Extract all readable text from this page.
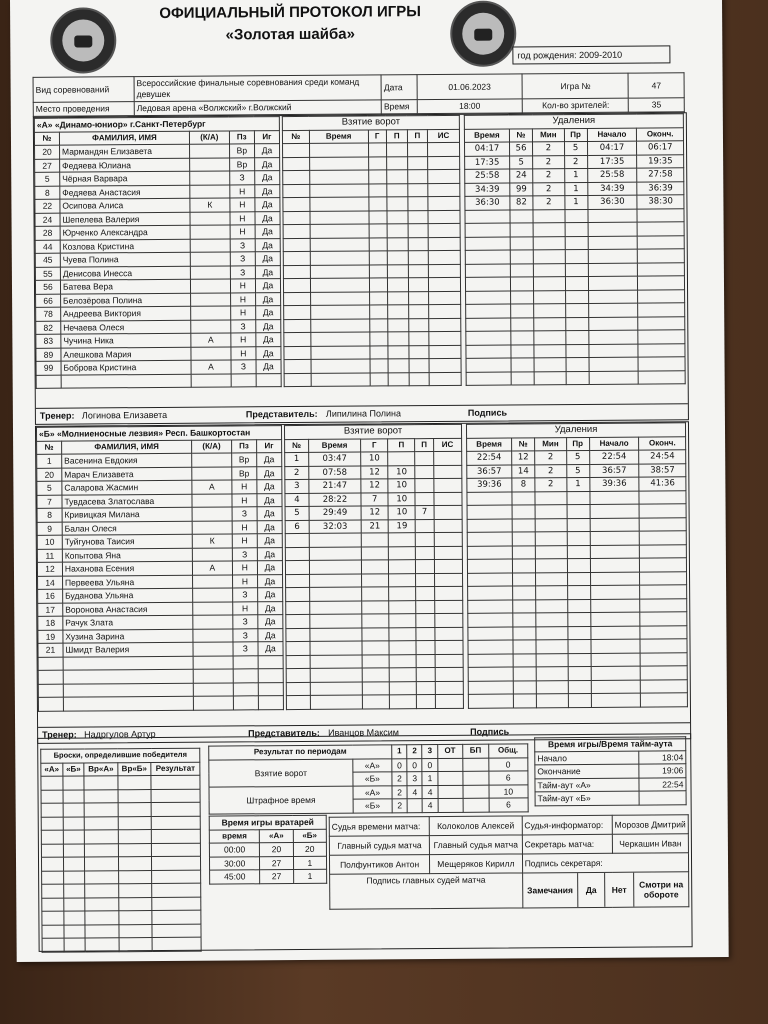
ОФИЦИАЛЬНЫЙ ПРОТОКОЛ ИГРЫ
«Золотая шайба»
год рождения: 2009-2010
Вид соревнований	Всероссийские финальные соревнования среди команд девушек	Дата	01.06.2023	Игра №	47
Место проведения	Ледовая арена «Волжский» г.Волжский	Время	18:00	Кол-во зрителей:	35
«А» «Динамо-юниор» г.Санкт-Петербург				
№	ФАМИЛИЯ, ИМЯ	(К/А)	Пз	Иг
20	Мармандян Елизавета		Вр	Да
27	Федяева Юлиана		Вр	Да
5	Чёрная Варвара		З	Да
8	Федяева Анастасия		Н	Да
22	Осипова Алиса	К	Н	Да
24	Шепелева Валерия		Н	Да
28	Юрченко Александра		Н	Да
44	Козлова Кристина		З	Да
45	Чуева Полина		З	Да
55	Денисова Инесса		З	Да
56	Батева Вера		Н	Да
66	Белозёрова Полина		Н	Да
78	Андреева Виктория		Н	Да
82	Нечаева Олеся		З	Да
83	Чучина Ника	А	Н	Да
89	Алешкова Мария		Н	Да
99	Боброва Кристина	А	З	Да

Взятие ворот					
№	Время	Г	П	П	ИС

Удаления					
Время	№	Мин	Пр	Начало	Оконч.
04:17	56	2	5	04:17	06:17
17:35	5	2	2	17:35	19:35
25:58	24	2	1	25:58	27:58
34:39	99	2	1	34:39	36:39
36:30	82	2	1	36:30	38:30

Тренер: Логинова Елизавета	Представитель: Липилина Полина	Подпись
«Б» «Молниеносные лезвия» Респ. Башкортостан				
№	ФАМИЛИЯ, ИМЯ	(К/А)	Пз	Иг
1	Васенина Евдокия		Вр	Да
20	Марач Елизавета		Вр	Да
5	Саларова Жасмин	А	Н	Да
7	Тувдасева Златослава		Н	Да
8	Кривицкая Милана		З	Да
9	Балан Олеся		Н	Да
10	Туйгунова Таисия	К	Н	Да
11	Копытова Яна		З	Да
12	Наханова Есения	А	Н	Да
14	Первеева Ульяна		Н	Да
16	Буданова Ульяна		З	Да
17	Воронова Анастасия		Н	Да
18	Рачук Злата		З	Да
19	Хузина Зарина		З	Да
21	Шмидт Валерия		З	Да

Взятие ворот					
№	Время	Г	П	П	ИС
1	03:47	10			
2	07:58	12	10		
3	21:47	12	10		
4	28:22	7	10		
5	29:49	12	10	7	
6	32:03	21	19		

Удаления					
Время	№	Мин	Пр	Начало	Оконч.
22:54	12	2	5	22:54	24:54
36:57	14	2	5	36:57	38:57
39:36	8	2	1	39:36	41:36

Тренер: Надргулов Артур	Представитель: Иванцов Максим	Подпись
Броски, определившие победителя				
«А»	«Б»	Вр«А»	Вр«Б»	Результат

Результат по периодам		1	2	3	ОТ	БП	Общ.
Взятие ворот	«А»	0	0	0			0
	«Б»	2	3	1			6
Штрафное время	«А»	2	4	4			10
	«Б»	2		4			6
Время игры/Время тайм-аута	
Начало	18:04
Окончание	19:06
Тайм-аут «А»	22:54
Тайм-аут «Б»	
Время игры вратарей		
время	«А»	«Б»
00:00	20	20
30:00	27	1
45:00	27	1
Судья времени матча:	Колоколов Алексей	Судья-информатор:	Морозов Дмитрий
Главный судья матча	Главный судья матча	Секретарь матча:	Черкашин Иван
Полфунтиков Антон	Мещеряков Кирилл	Подпись секретаря:
Подпись главных судей матча	
Замечания	Да	Нет	Смотри на обороте
